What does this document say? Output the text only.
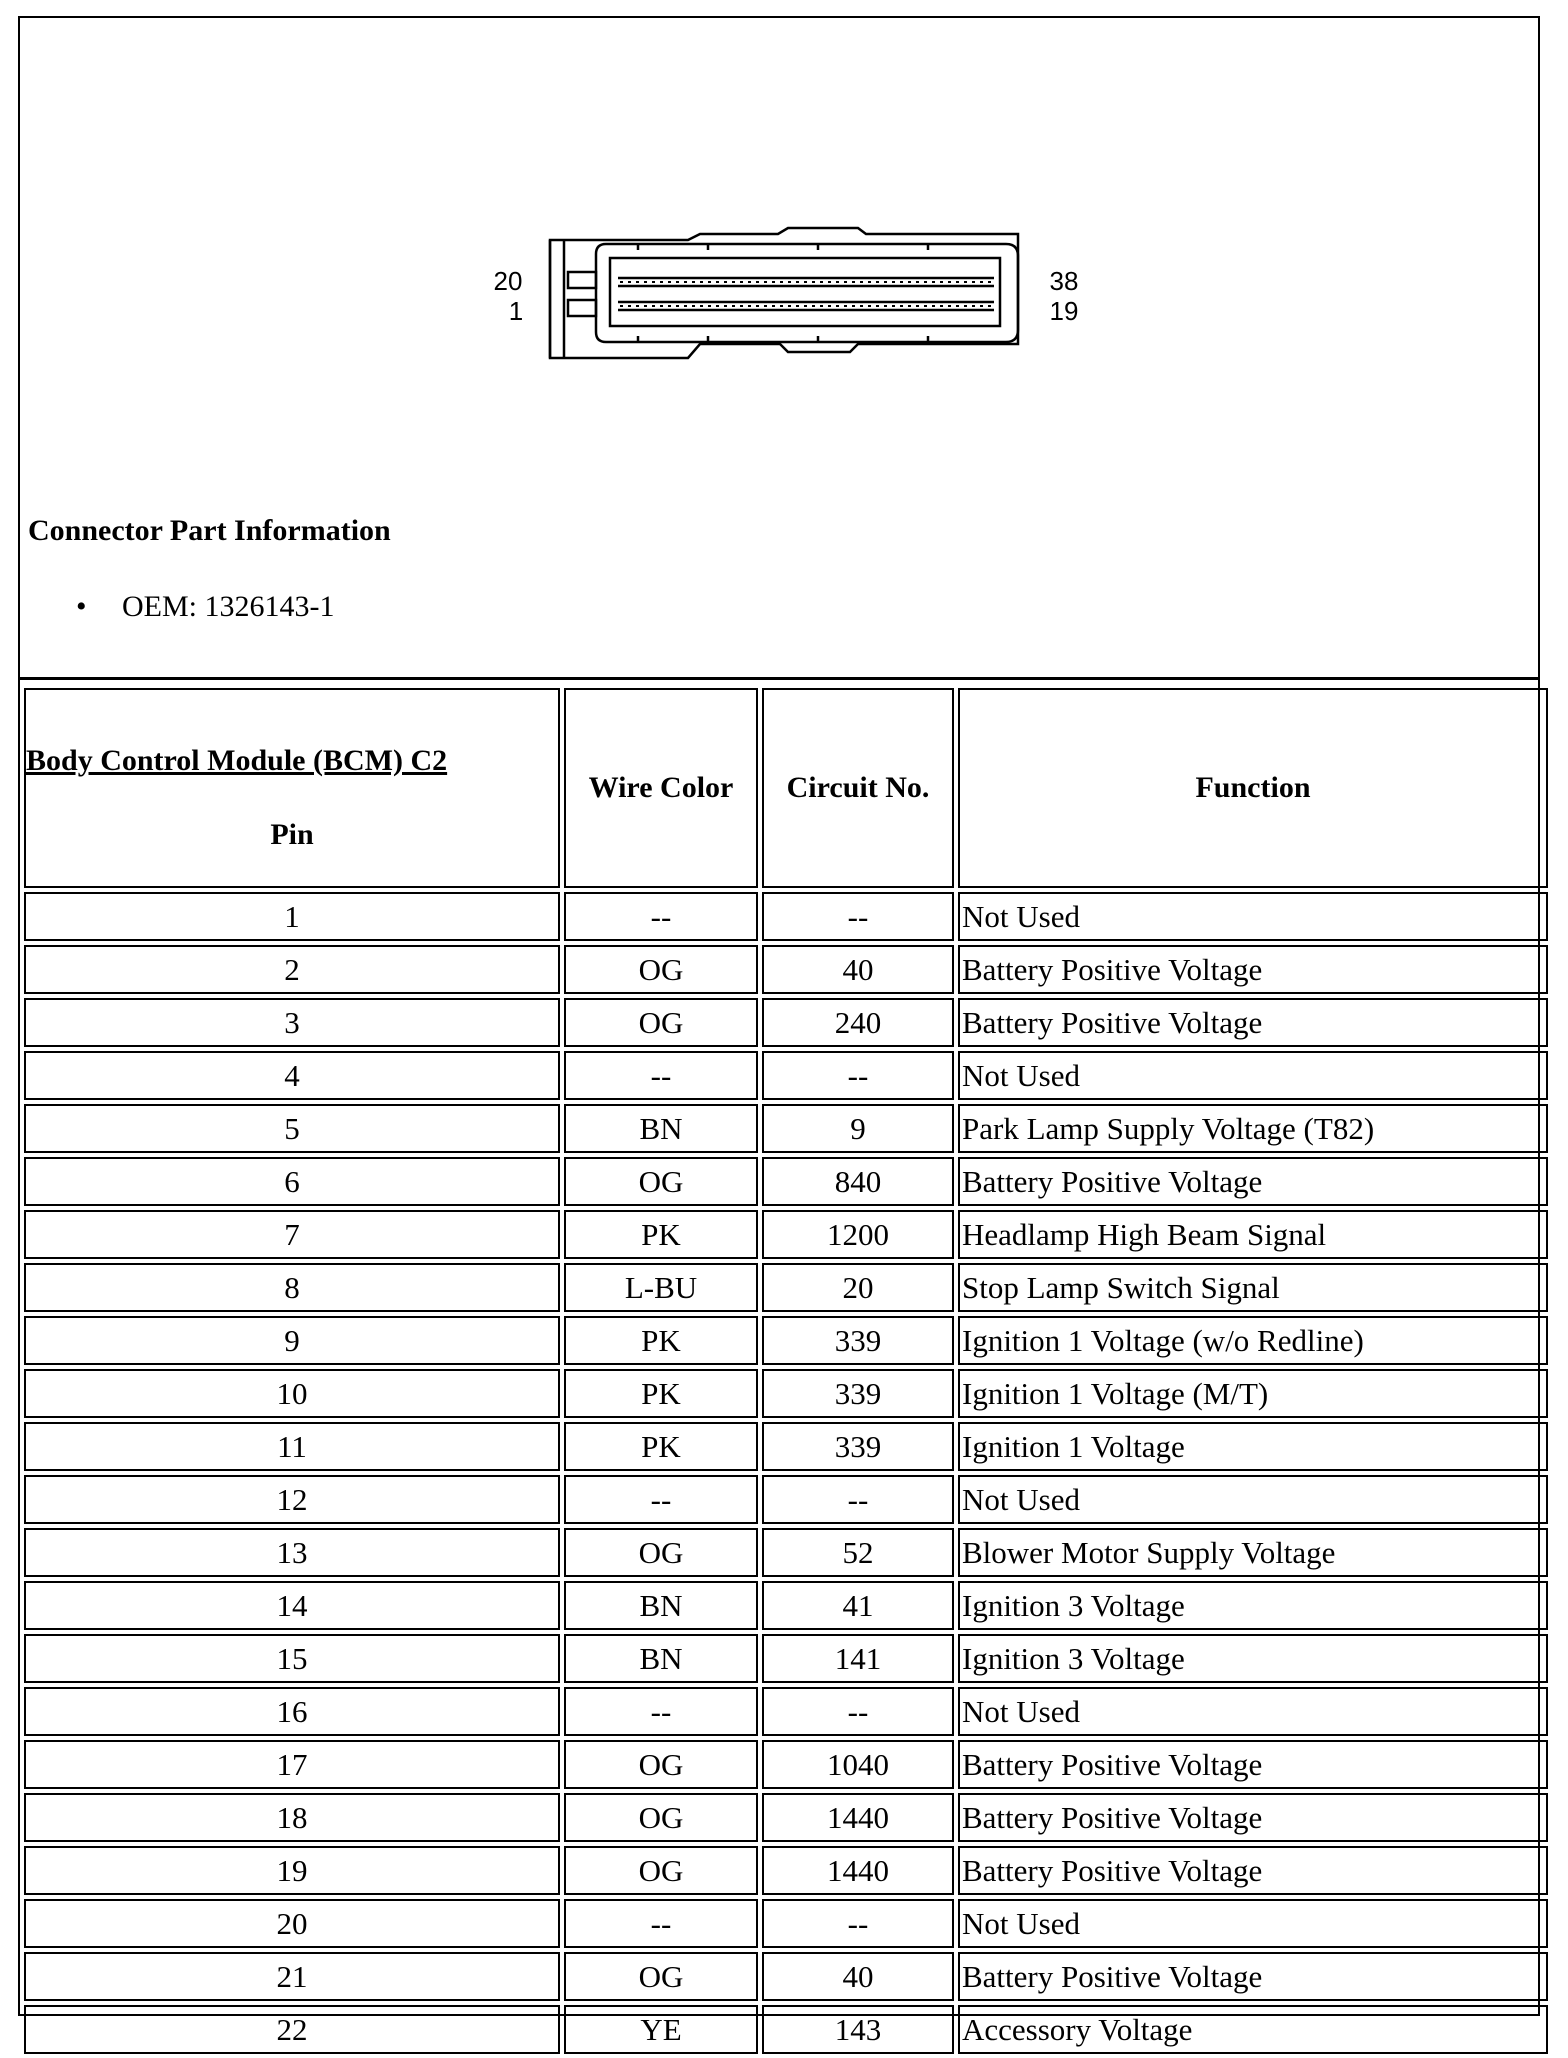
20
1
38
19
Connector Part Information
• OEM: 1326143-1
Body Control Module (BCM) C2
Pin	Wire Color	Circuit No.	Function
1	--	--	Not Used
2	OG	40	Battery Positive Voltage
3	OG	240	Battery Positive Voltage
4	--	--	Not Used
5	BN	9	Park Lamp Supply Voltage (T82)
6	OG	840	Battery Positive Voltage
7	PK	1200	Headlamp High Beam Signal
8	L-BU	20	Stop Lamp Switch Signal
9	PK	339	Ignition 1 Voltage (w/o Redline)
10	PK	339	Ignition 1 Voltage (M/T)
11	PK	339	Ignition 1 Voltage
12	--	--	Not Used
13	OG	52	Blower Motor Supply Voltage
14	BN	41	Ignition 3 Voltage
15	BN	141	Ignition 3 Voltage
16	--	--	Not Used
17	OG	1040	Battery Positive Voltage
18	OG	1440	Battery Positive Voltage
19	OG	1440	Battery Positive Voltage
20	--	--	Not Used
21	OG	40	Battery Positive Voltage
22	YE	143	Accessory Voltage
